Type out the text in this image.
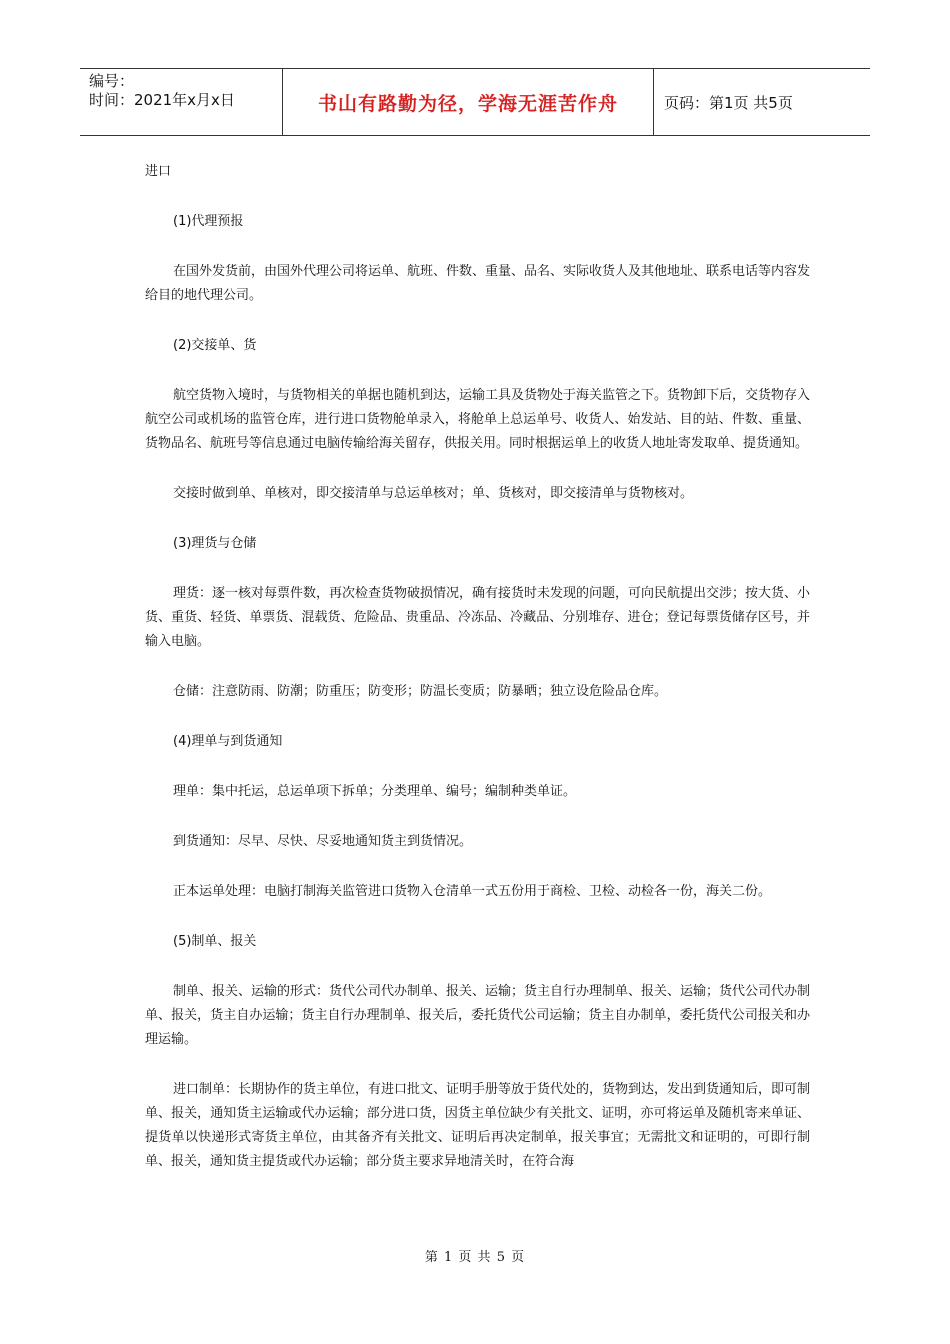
编号：
时间：2021年x月x日	书山有路勤为径，学海无涯苦作舟	页码：第1页 共5页

进口

(1)代理预报

在国外发货前，由国外代理公司将运单、航班、件数、重量、品名、实际收货人及其他地址、联系电话等内容发给目的地代理公司。

(2)交接单、货

航空货物入境时，与货物相关的单据也随机到达，运输工具及货物处于海关监管之下。货物卸下后，交货物存入航空公司或机场的监管仓库，进行进口货物舱单录入，将舱单上总运单号、收货人、始发站、目的站、件数、重量、货物品名、航班号等信息通过电脑传输给海关留存，供报关用。同时根据运单上的收货人地址寄发取单、提货通知。

交接时做到单、单核对，即交接清单与总运单核对；单、货核对，即交接清单与货物核对。

(3)理货与仓储

理货：逐一核对每票件数，再次检查货物破损情况，确有接货时未发现的问题，可向民航提出交涉；按大货、小货、重货、轻货、单票货、混载货、危险品、贵重品、冷冻品、冷藏品、分别堆存、进仓；登记每票货储存区号，并输入电脑。

仓储：注意防雨、防潮；防重压；防变形；防温长变质；防暴晒；独立设危险品仓库。

(4)理单与到货通知

理单：集中托运，总运单项下拆单；分类理单、编号；编制种类单证。

到货通知：尽早、尽快、尽妥地通知货主到货情况。

正本运单处理：电脑打制海关监管进口货物入仓清单一式五份用于商检、卫检、动检各一份，海关二份。

(5)制单、报关

制单、报关、运输的形式：货代公司代办制单、报关、运输；货主自行办理制单、报关、运输；货代公司代办制单、报关，货主自办运输；货主自行办理制单、报关后，委托货代公司运输；货主自办制单，委托货代公司报关和办理运输。

进口制单：长期协作的货主单位，有进口批文、证明手册等放于货代处的，货物到达，发出到货通知后，即可制单、报关，通知货主运输或代办运输；部分进口货，因货主单位缺少有关批文、证明，亦可将运单及随机寄来单证、提货单以快递形式寄货主单位，由其备齐有关批文、证明后再决定制单，报关事宜；无需批文和证明的，可即行制单、报关，通知货主提货或代办运输；部分货主要求异地清关时，在符合海

第 1 页 共 5 页
